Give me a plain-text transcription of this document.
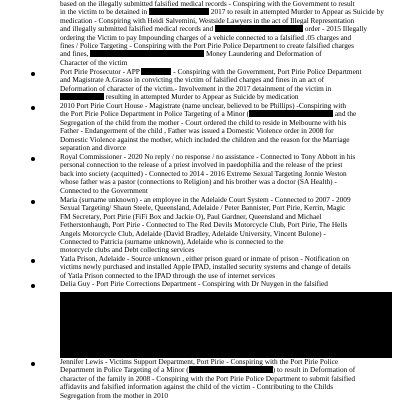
based on the illegally submitted falsified medical records - Conspiring with the Government to result
in the victim to be detained in	2017 to result in attempted Murder to Appear as Suicide by
medication - Conspiring with Heidi Salvemini, Westside Lawyers in the act of Illegal Representation
and illegally submitted falsified medical records and	order - 2015 Illegally
ordering the Victim to pay Impounding charges of a vehicle connected to a falsified .05 charges and
fines / Police Targeting - Conspiring with the Port Pirie Police Department to create falsified charges
and fines,	Money Laundering and Deformation of
Character of the victim
Port Pirie Prosecutor - APP	- Conspiring with the Government, Port Pirie Police Department
and Magistrate A.Grasso in convicting the victim of falsified charges and fines in an act of
Deformation of character of the victim.- Involvement in the 2017 detainment of the victim in
resulting in attempted Murder to Appear as Suicide by medication
2010 Port Pirie Court House - Magistrate (name unclear, believed to be Phillips) -Conspiring with
the Port Pirie Police Department in Police Targeting of a Minor (	and the
Segregation of the child from the mother - Court ordered the child to reside in Melbourne with his
Father - Endangerment of the child , Father was issued a Domestic Violence order in 2008 for
Domestic Violence against the mother, which included the children and the reason for the Marriage
separation and divorce
Royal Commissioner - 2020 No reply / no response / no assistance - Connected to Tony Abbott in his
personal connection to the release of a priest involved in paedophilia and the release of the priest
back into society (acquitted) - Connected to 2014 - 2016 Extreme Sexual Targeting Jonnie Weston
whose father was a pastor (connections to Religion) and his brother was a doctor (SA Health) -
Connected to the Government
Maria (surname unknown) - an employee in the Adelaide Court System - Connected to 2007 - 2009
Sexual Targeting/ Shaun Steele, Queensland, Adelaide / Peter Bannister, Port Pirie, Kerrin, Magic
FM Secretary, Port Pirie (FiFi Box and Jackie O), Paul Gardner, Queensland and Michael
Fetherstonhaugh, Port Pirie - Connected to The Red Devils Motorcycle Club, Port Pirie, The Hells
Angels Motorcycle Club, Adelaide (David Bradley, Adelaide University, Vincent Bulone) -
Connected to Patricia (surname unknown), Adelaide who is connected to the
motorcycle clubs and Debt collecting services
Yatla Prison, Adelaide - Source unknown , either prison guard or inmate of prison - Notification on
victims newly purchased and installed Apple IPAD, installed security systems and change of details
of Yatla Prison connected to the IPAD through the use of internet services
Delia Guy - Port Pirie Corrections Department - Conspiring with Dr Nuygen in the falsified
Jennifer Lewis - Victims Support Department, Port Pirie - Conspiring with the Port Pirie Police
Department in Police Targeting of a Minor (	) to result in Deformation of
character of the family in 2008 - Conspiring with the Port Pirie Police Department to submit falsified
affidavits and falsified information against the child of the victim - Contributing to the Childs
Segregation from the mother in 2010
